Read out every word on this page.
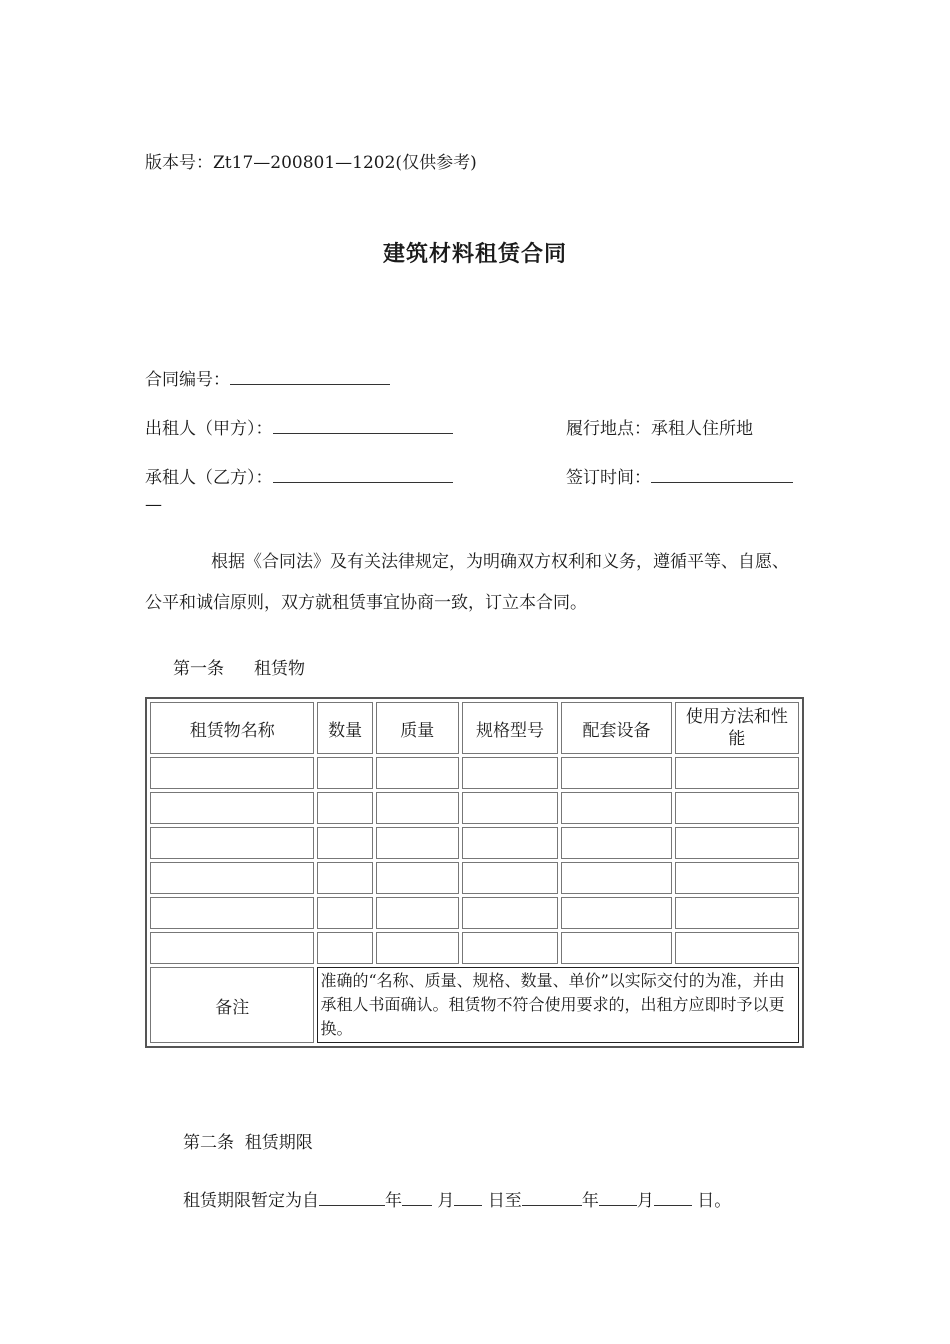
版本号：Zt17—200801—1202(仅供参考)
建筑材料租赁合同
合同编号：
出租人（甲方）：	履行地点：承租人住所地
承租人（乙方）：	签订时间：
—
根据《合同法》及有关法律规定，为明确双方权利和义务，遵循平等、自愿、公平和诚信原则，双方就租赁事宜协商一致，订立本合同。
第一条 租赁物
租赁物名称	数量	质量	规格型号	配套设备	使用方法和性能

备注	准确的“名称、质量、规格、数量、单价”以实际交付的为准，并由承租人书面确认。租赁物不符合使用要求的，出租方应即时予以更换。				
第二条  租赁期限
租赁期限暂定为自	年 月 日至	年 月	日。
